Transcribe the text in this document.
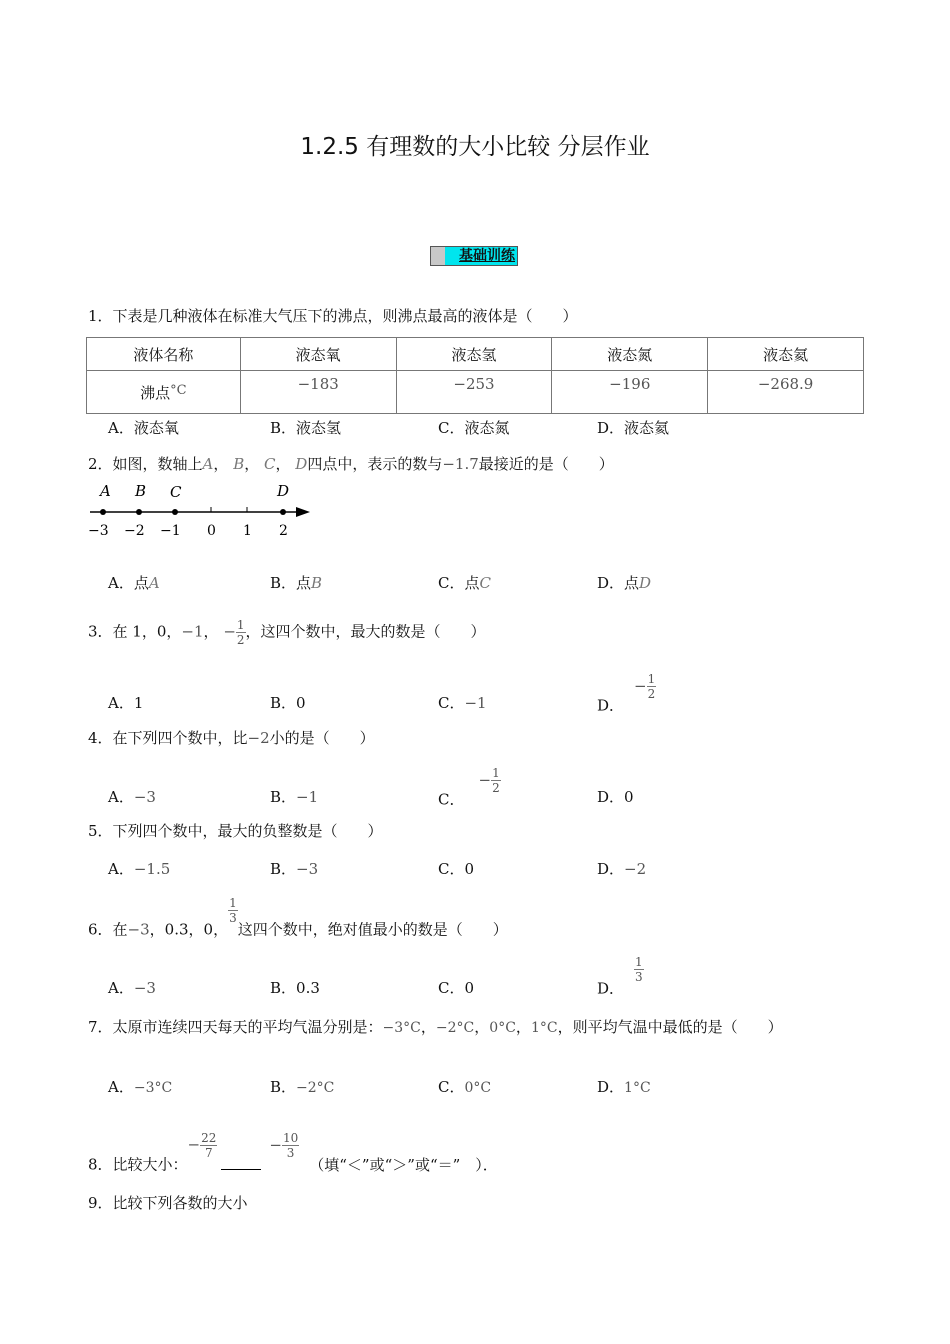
1.2.5 有理数的大小比较 分层作业
基础训练
1．下表是几种液体在标准大气压下的沸点，则沸点最高的液体是（　　）
液体名称	液态氧	液态氢	液态氮	液态氦
沸点°C	−183	−253	−196	−268.9
A．液态氧	B．液态氢	C．液态氮	D．液态氦
2．如图，数轴上A， B， C， D四点中，表示的数与−1.7最接近的是（　　）
A B C	D
−3 −2 −1 0 1 2
A．点A	B．点B	C．点C	D．点D
3．在 1，0，−1， − $\frac{1}{2}$ ，这四个数中，最大的数是（　　）
A．1	B．0	C．−1	D．− $\frac{1}{2}$
4．在下列四个数中，比−2小的是（　　）
A．−3	B．−1	C．− $\frac{1}{2}$
D．0
5．下列四个数中，最大的负整数是（　　）
A．−1.5	B．−3	C．0	D．−2
6．在−3，0.3，0，
$\frac{1}{3}$
这四个数中，绝对值最小的数是（　　）
A．−3	B．0.3	C．0	D．
$\frac{1}{3}$
7．太原市连续四天每天的平均气温分别是：−3°C，−2°C，0°C，1°C，则平均气温中最低的是（　　）
A．−3°C	B．−2°C	C．0°C	D．1°C
8．比较大小：− $\frac{22}{7}$	− $\frac{10}{3}$
（填“＜”或“＞”或“＝”　）．
9．比较下列各数的大小
